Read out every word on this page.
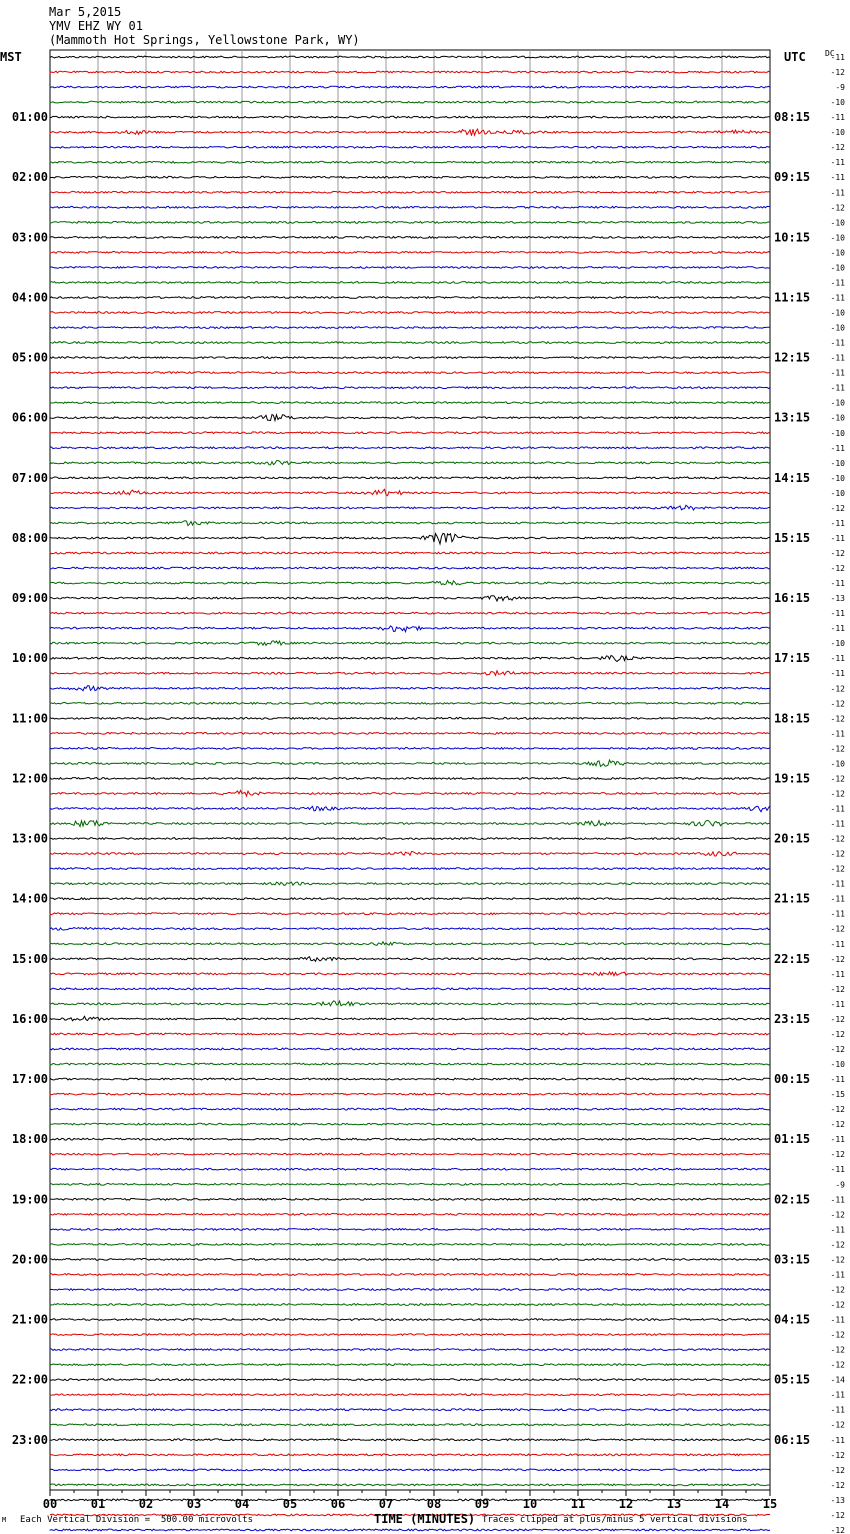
Mar 5,2015
YMV EHZ WY 01
(Mammoth Hot Springs, Yellowstone Park, WY)
MST	UTC DC
-11
-12
-9
-10
-11
-10
-12
-11
-11
-11
-12
-10
-10
-10
-10
-11
-11
-10
-10
-11
-11
-11
-11
-10
-10
-10
-11
-10
-10
-10
-12
-11
-11
-12
-12
-11
-13
-11
-11
-10
-11
-11
-12
-12
-12
-11
-12
-10
-12
-12
-11
-11
-12
-12
-12
-11
-11
-11
-12
-11
-12
-11
-12
-11
-12
-12
-12
-10
-11
-15
-12
-12
-11
-12
-11
-9
-11
-12
-11
-12
-12
-11
-12
-12
-11
-12
-12
-12
-14
-11
-11
-12
-11
-12
-12
-12
-13
-12
-12
01:00
02:00
03:00
04:00
05:00
06:00
07:00
08:00
09:00
10:00
11:00
12:00
13:00
14:00
15:00
16:00
17:00
18:00
19:00
20:00
21:00
22:00
23:00
08:15
09:15
10:15
11:15
12:15
13:15
14:15
15:15
16:15
17:15
18:15
19:15
20:15
21:15
22:15
23:15
00:15
01:15
02:15
03:15
04:15
05:15
06:15
00	01	02	03	04	05	06	07	08	09	10	11	12	13	14	15
M Each Vertical Division =  500.00 microvolts	TIME (MINUTES) Traces clipped at plus/minus 5 vertical divisions
